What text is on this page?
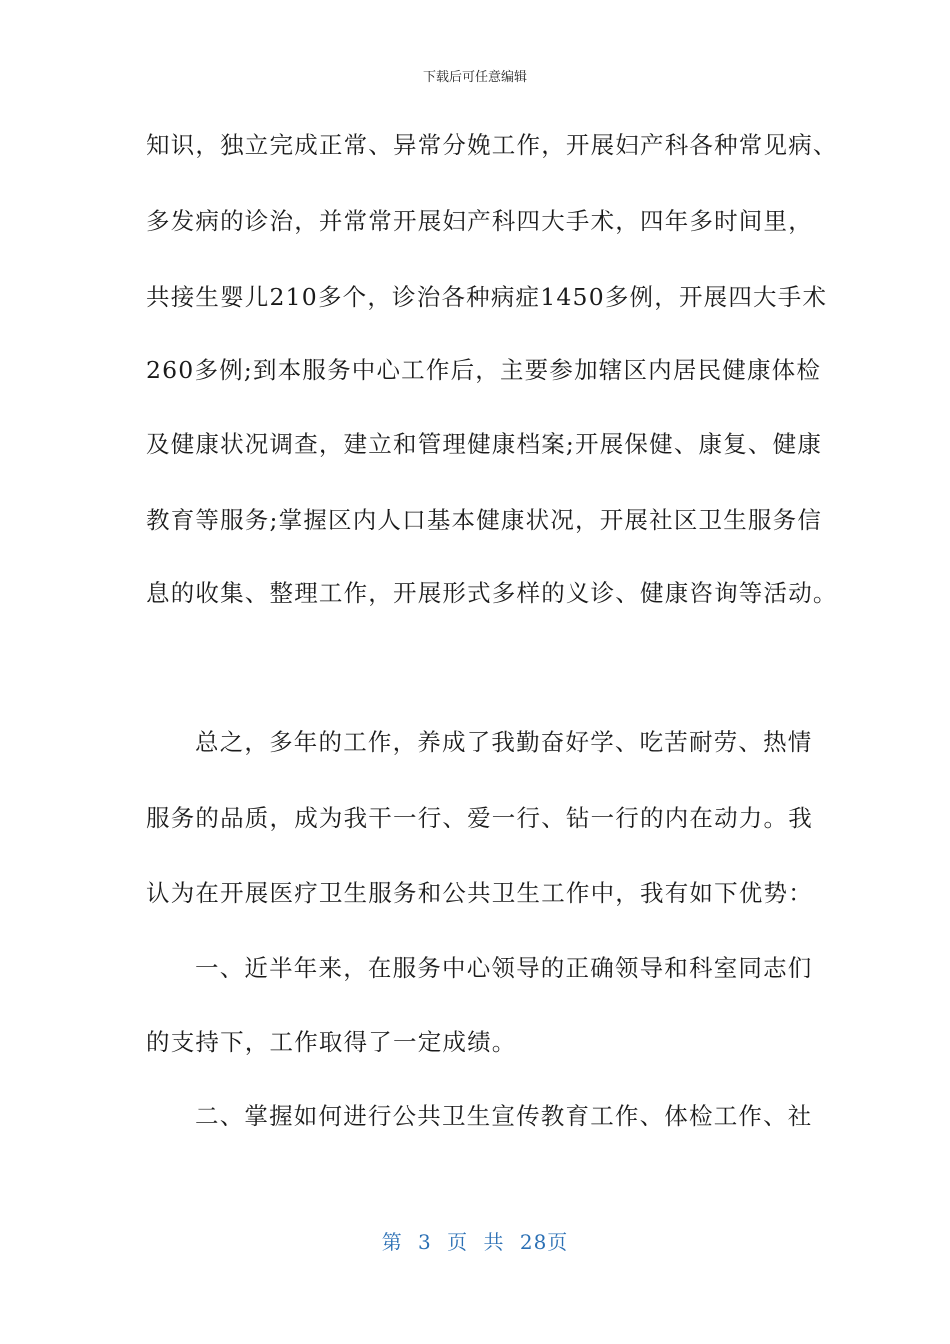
下载后可任意编辑
知识，独立完成正常、异常分娩工作，开展妇产科各种常见病、
多发病的诊治，并常常开展妇产科四大手术，四年多时间里，
共接生婴儿210多个，诊治各种病症1450多例，开展四大手术
260多例;到本服务中心工作后，主要参加辖区内居民健康体检
及健康状况调查，建立和管理健康档案;开展保健、康复、健康
教育等服务;掌握区内人口基本健康状况，开展社区卫生服务信
息的收集、整理工作，开展形式多样的义诊、健康咨询等活动。
总之，多年的工作，养成了我勤奋好学、吃苦耐劳、热情
服务的品质，成为我干一行、爱一行、钻一行的内在动力。我
认为在开展医疗卫生服务和公共卫生工作中，我有如下优势：
一、近半年来，在服务中心领导的正确领导和科室同志们
的支持下，工作取得了一定成绩。
二、掌握如何进行公共卫生宣传教育工作、体检工作、社
第 3 页 共 28页
